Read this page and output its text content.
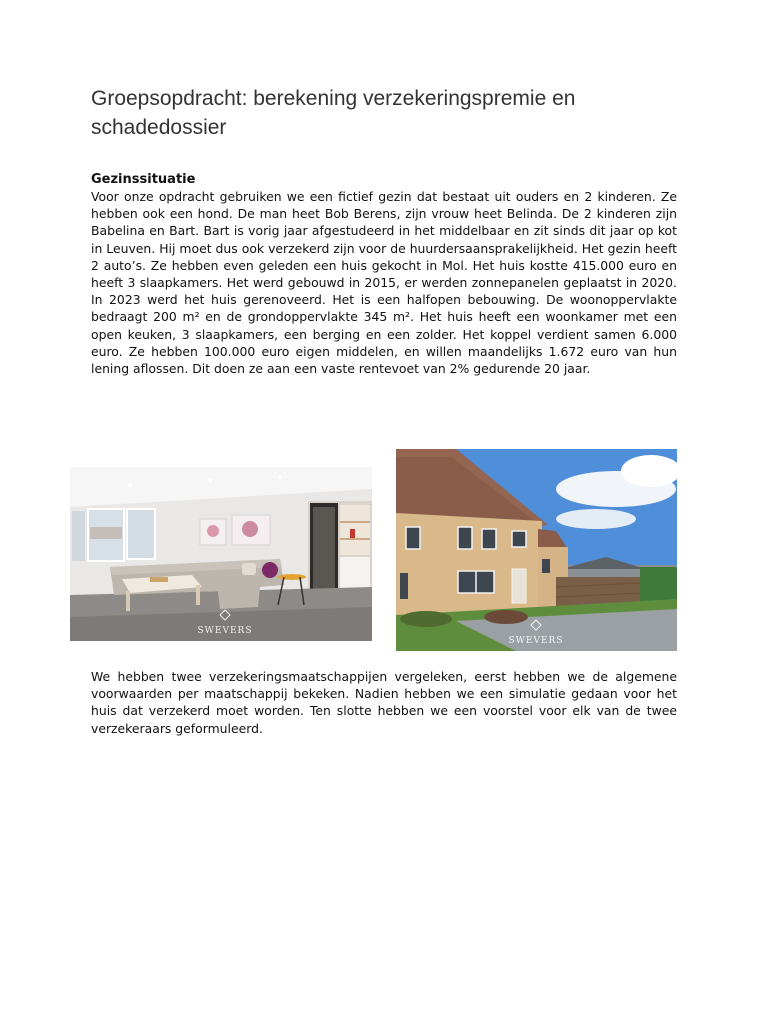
Groepsopdracht: berekening verzekeringspremie en schadedossier
Gezinssituatie

Voor onze opdracht gebruiken we een fictief gezin dat bestaat uit ouders en 2 kinderen. Ze hebben ook een hond. De man heet Bob Berens, zijn vrouw heet Belinda. De 2 kinderen zijn Babelina en Bart. Bart is vorig jaar afgestudeerd in het middelbaar en zit sinds dit jaar op kot in Leuven. Hij moet dus ook verzekerd zijn voor de huurdersaansprakelijkheid. Het gezin heeft 2 auto’s. Ze hebben even geleden een huis gekocht in Mol. Het huis kostte 415.000 euro en heeft 3 slaapkamers. Het werd gebouwd in 2015, er werden zonnepanelen geplaatst in 2020. In 2023 werd het huis gerenoveerd. Het is een halfopen bebouwing. De woonoppervlakte bedraagt 200 m² en de grondoppervlakte 345 m². Het huis heeft een woonkamer met een open keuken, 3 slaapkamers, een berging en een zolder. Het koppel verdient samen 6.000 euro. Ze hebben 100.000 euro eigen middelen, en willen maandelijks 1.672 euro van hun lening aflossen. Dit doen ze aan een vaste rentevoet van 2% gedurende 20 jaar.

SWEVERS
SWEVERS

We hebben twee verzekeringsmaatschappijen vergeleken, eerst hebben we de algemene voorwaarden per maatschappij bekeken. Nadien hebben we een simulatie gedaan voor het huis dat verzekerd moet worden. Ten slotte hebben we een voorstel voor elk van de twee verzekeraars geformuleerd.
